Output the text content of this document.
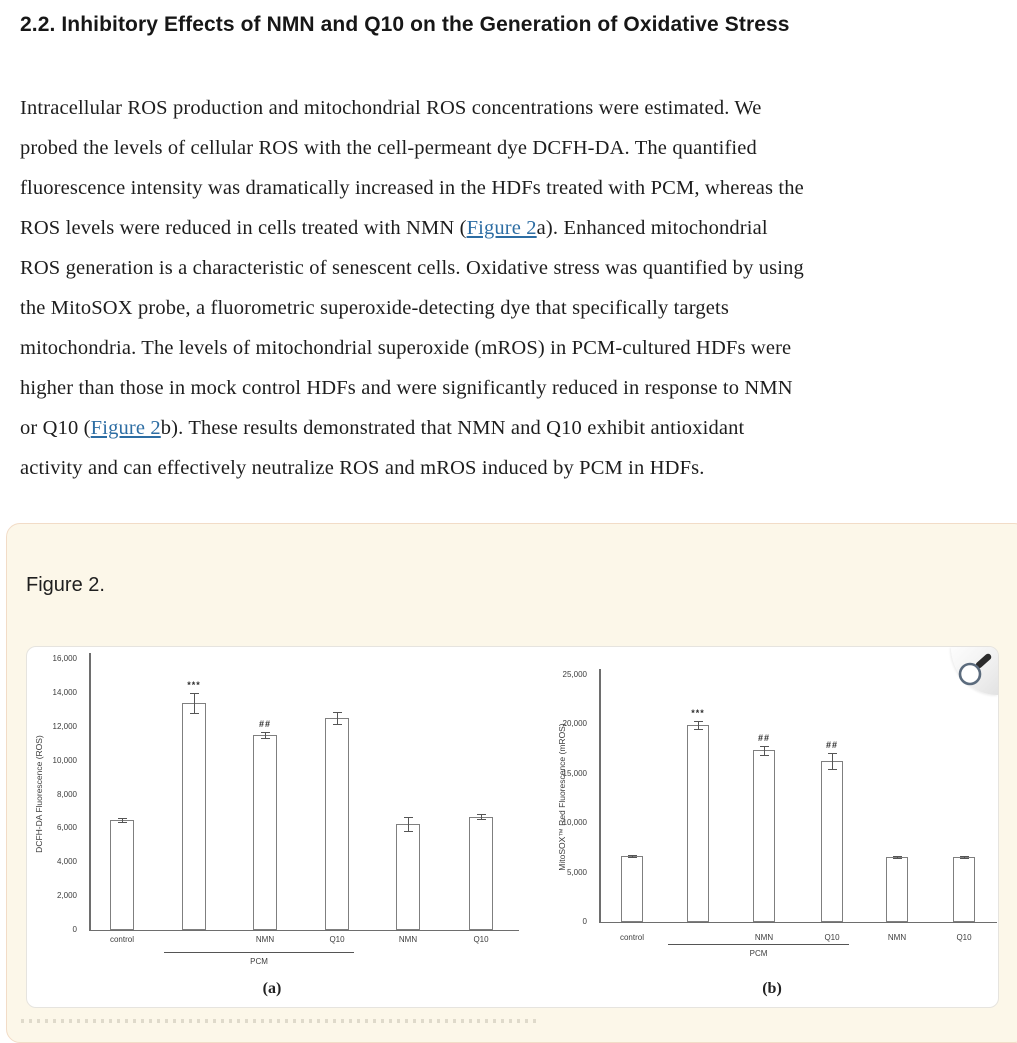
2.2. Inhibitory Effects of NMN and Q10 on the Generation of Oxidative Stress
Intracellular ROS production and mitochondrial ROS concentrations were estimated. We
probed the levels of cellular ROS with the cell-permeant dye DCFH-DA. The quantified
fluorescence intensity was dramatically increased in the HDFs treated with PCM, whereas the
ROS levels were reduced in cells treated with NMN (Figure 2a). Enhanced mitochondrial
ROS generation is a characteristic of senescent cells. Oxidative stress was quantified by using
the MitoSOX probe, a fluorometric superoxide-detecting dye that specifically targets
mitochondria. The levels of mitochondrial superoxide (mROS) in PCM-cultured HDFs were
higher than those in mock control HDFs and were significantly reduced in response to NMN
or Q10 (Figure 2b). These results demonstrated that NMN and Q10 exhibit antioxidant
activity and can effectively neutralize ROS and mROS induced by PCM in HDFs.
Figure 2.
0
2,000
4,000
6,000
8,000
10,000
12,000
14,000
16,000
control
***
##
NMN	Q10	NMN	Q10
PCM
DCFH-DA Fluorescence (ROS)
(a)
0
5,000
10,000
15,000
20,000
25,000
control
***
##
NMN
##
Q10	NMN	Q10
PCM
MitoSOX™ Red Fluorescence (mROS)
(b)
